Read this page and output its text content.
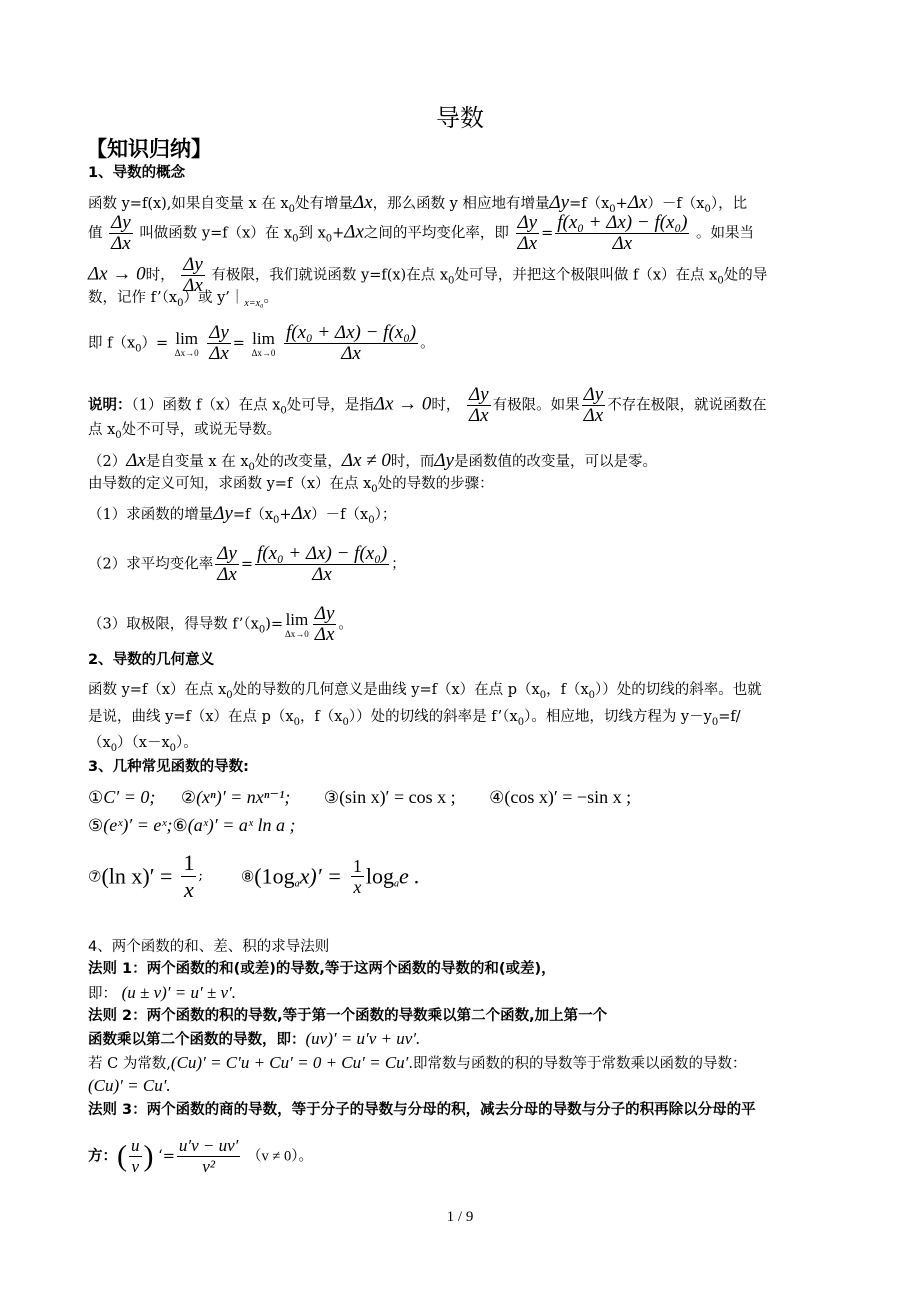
导数
【知识归纳】
1、导数的概念
函数 y=f(x),如果自变量 x 在 $x_0$处有增量Δx，那么函数 y 相应地有增量$\Delta y=f(x_0+\Delta x)-f(x_0)$，比
值 $\frac{\Delta y}{\Delta x}$ 叫做函数 y=f（x）在 $x_0$到 $x_0+\Delta x$之间的平均变化率，即 $\frac{\Delta y}{\Delta x} = \frac{\text{f(x₀ + Δx) − f(x₀)}}{\Delta x}$ 。如果当
Δx → 0时， $\frac{\Delta y}{\Delta x}$ 有极限，我们就说函数 y=f(x)在点 $x_0$处可导，并把这个极限叫做 f（x）在点 $x_0$处的导
数，记作 $f’(x_0)$或 $y’|_{x=x_0}$。
即 $f(x_0)= \lim$
Δx→0
$\frac{\Delta y}{\Delta x} = \lim$
Δx→0
$\frac{\text{f(x₀ + Δx) − f(x₀)}}{\Delta x}$ 。
说明：（1）函数 f（x）在点 $x_0$处可导，是指Δx → 0时， $\frac{\Delta y}{\Delta x}$ 有极限。如果 $\frac{\Delta y}{\Delta x}$ 不存在极限，就说函数在
点 $x_0$处不可导，或说无导数。
（2）Δx是自变量 x 在 $x_0$处的改变量，Δx ≠ 0时，而Δy是函数值的改变量，可以是零。
由导数的定义可知，求函数 y=f（x）在点 $x_0$处的导数的步骤：
（1）求函数的增量$\Delta y=f(x_0+\Delta x)-f(x_0)$；
（2）求平均变化率 $\frac{\Delta y}{\Delta x} = \frac{\text{f(x₀ + Δx) − f(x₀)}}{\Delta x}$ ；
（3）取极限，得导数 $f’(x_0)= \lim$
$\Delta x\to 0 \frac{\Delta y}{\Delta x}$ 。
2、导数的几何意义
函数 y=f（x）在点 $x_0$处的导数的几何意义是曲线 y=f（x）在点 $p(x_0$，$f(x_0)$）处的切线的斜率。也就
是说，曲线 y=f（x）在点 $p(x_0$，$f(x_0)$）处的切线的斜率是 $f’(x_0)$。相应地，切线方程为 $y-y_0=f/$
$(x_0)(x-x_0)$。
3、几种常见函数的导数:
①C′ = 0; ②(xⁿ)′ = nxⁿ⁻¹; ③(sin x)′ = cos x ; ④(cos x)′ = −sin x ;
⑤(eˣ)′ = eˣ;⑥(aˣ)′ = aˣ ln a ;
⑦(ln $x)' = \frac{1}{x}$ ;	$⑧(1og_ax)' = \frac{1}{x} \log_ae$ .
4、两个函数的和、差、积的求导法则
法则 1：两个函数的和(或差)的导数,等于这两个函数的导数的和(或差)，
即： (u ± v)′ = u′ ± v′.
法则 2：两个函数的积的导数,等于第一个函数的导数乘以第二个函数,加上第一个
函数乘以第二个函数的导数，即：(uv)′ = u′v + uv′.
若 C 为常数,(Cu)′ = C′u + Cu′ = 0 + Cu′ = Cu′.即常数与函数的积的导数等于常数乘以函数的导数：
(Cu)′ = Cu′.
法则 3：两个函数的商的导数，等于分子的导数与分母的积，减去分母的导数与分子的积再除以分母的平
方：( $\frac{u}{v}$ ) ‘= $\frac{u'v - uv'}{\text{v²}} (v \ne 0)$。
1 / 9
